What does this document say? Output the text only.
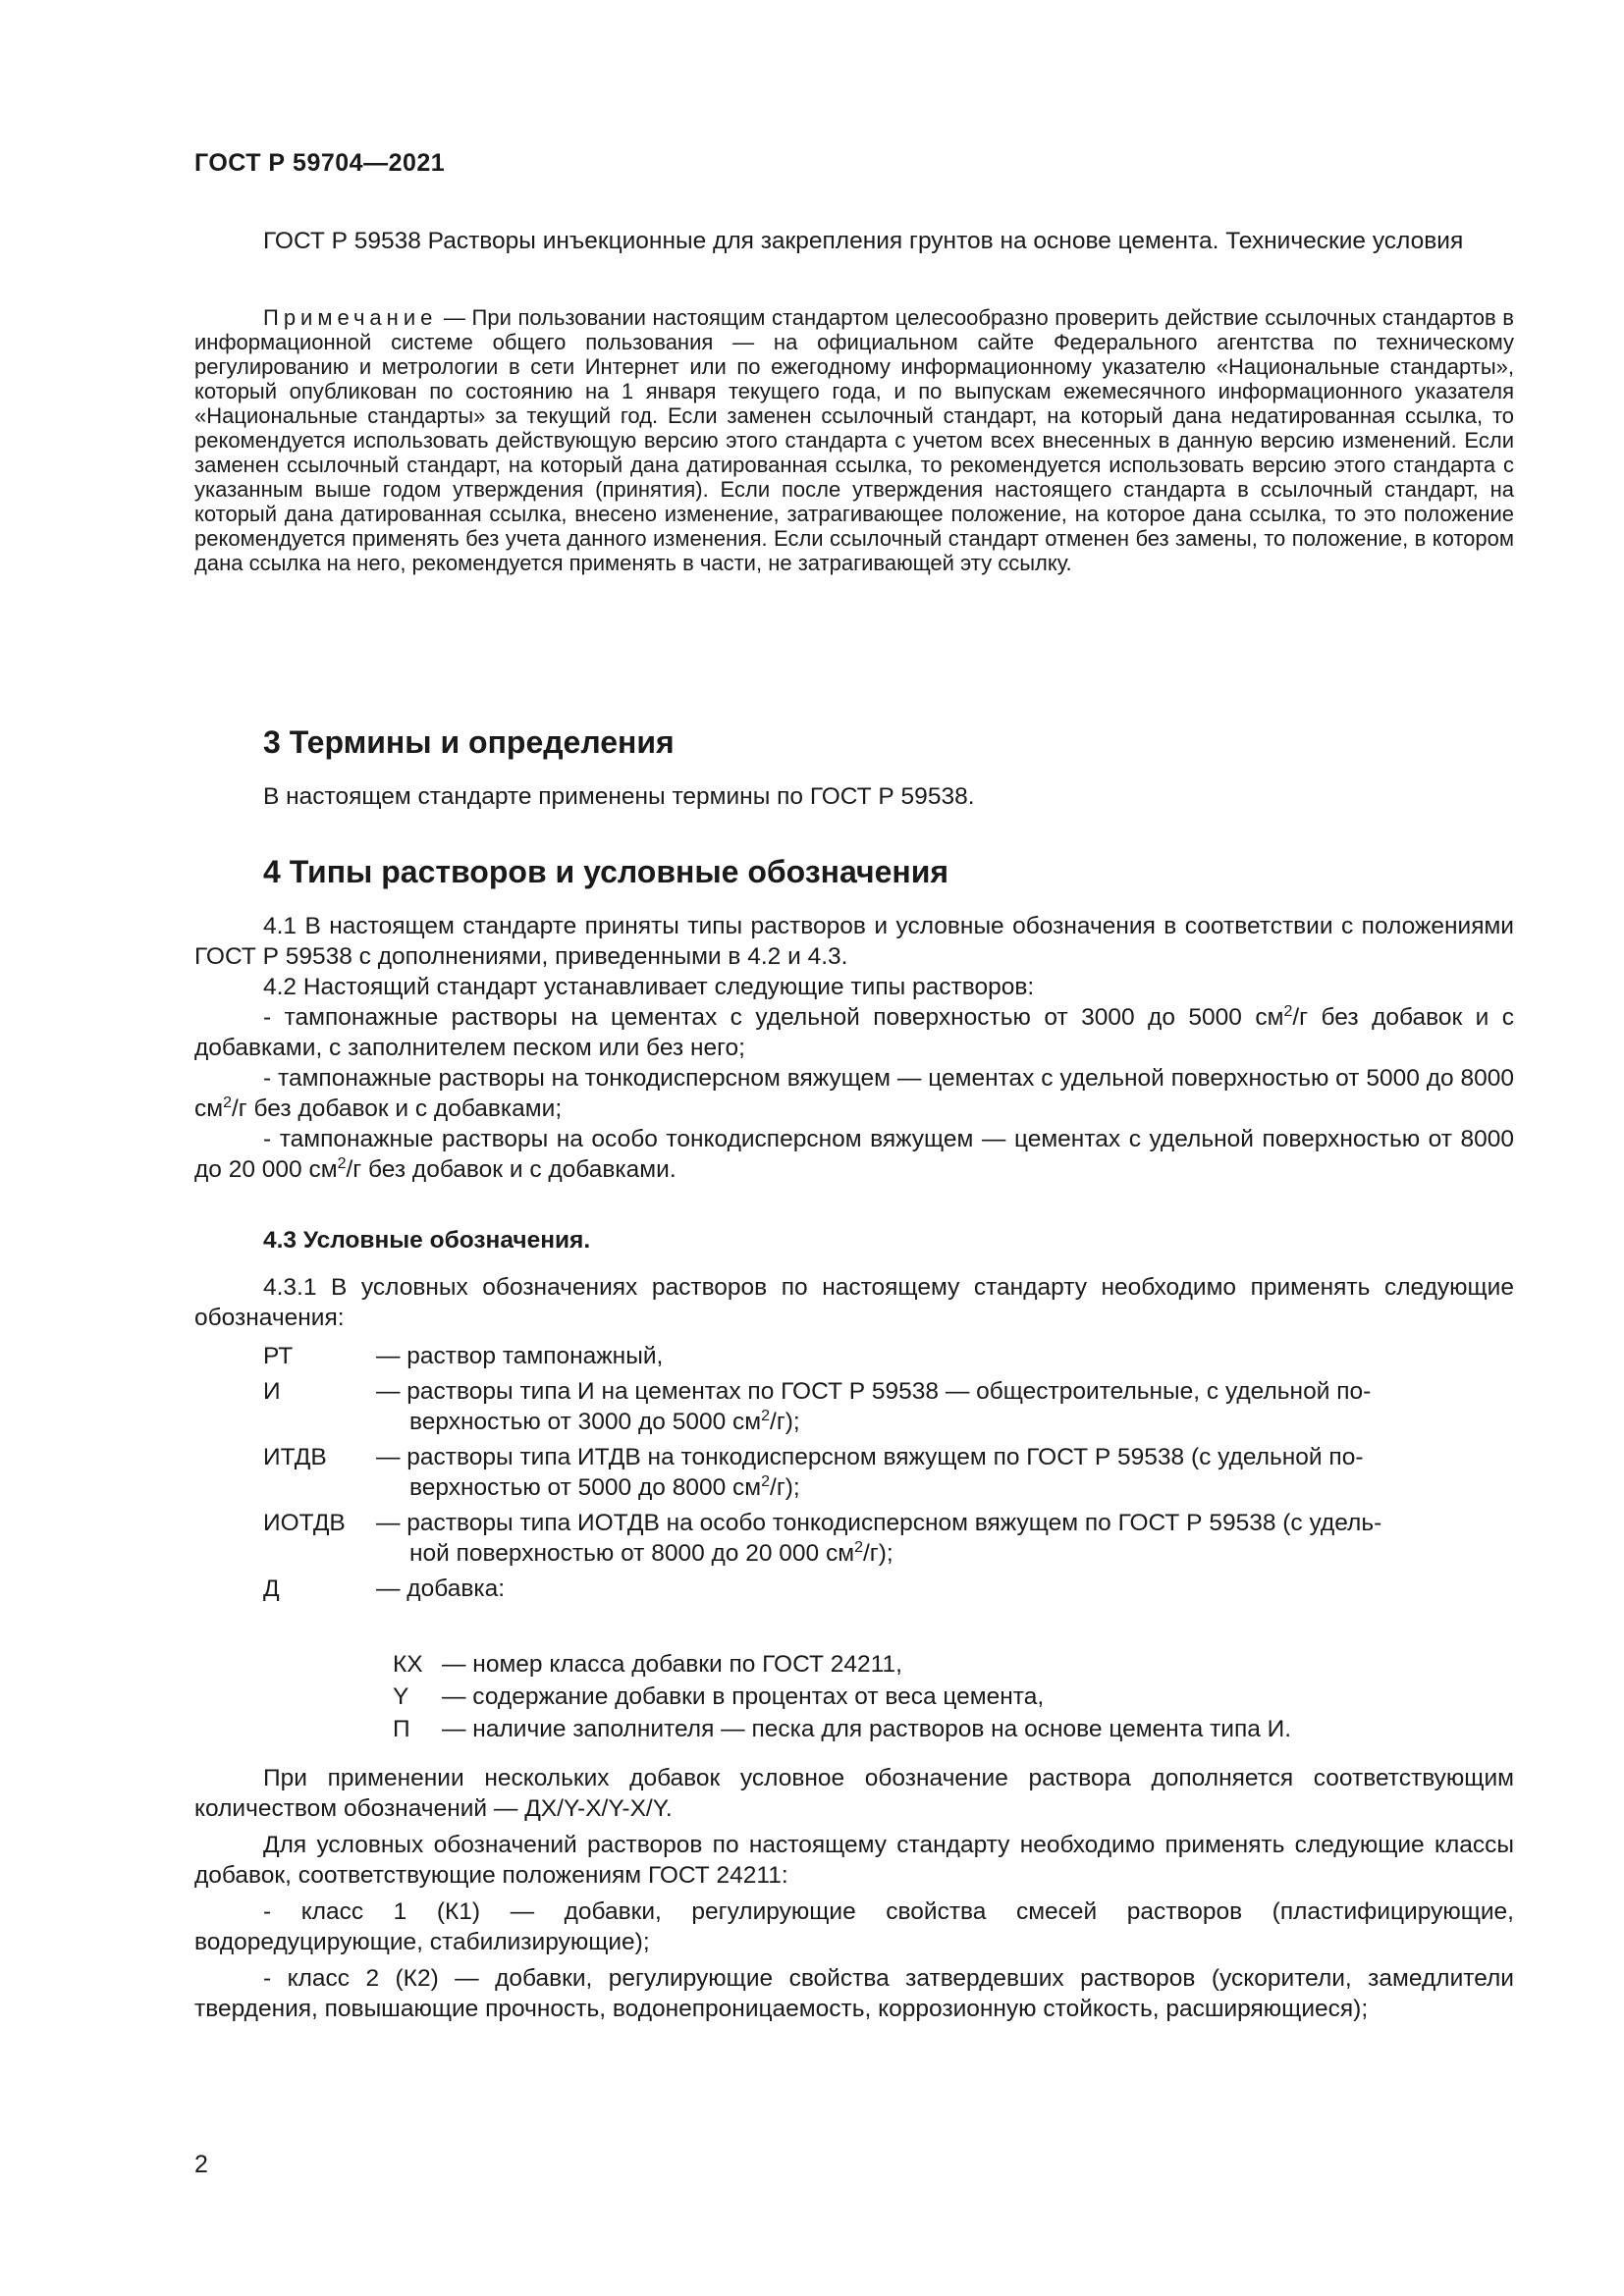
ГОСТ Р 59704—2021

ГОСТ Р 59538 Растворы инъекционные для закрепления грунтов на основе цемента. Технические условия

Примечание — При пользовании настоящим стандартом целесообразно проверить действие ссылочных стандартов в информационной системе общего пользования — на официальном сайте Федерального агентства по техническому регулированию и метрологии в сети Интернет или по ежегодному информационному указателю «Национальные стандарты», который опубликован по состоянию на 1 января текущего года, и по выпускам ежемесячного информационного указателя «Национальные стандарты» за текущий год. Если заменен ссылочный стандарт, на который дана недатированная ссылка, то рекомендуется использовать действующую версию этого стандарта с учетом всех внесенных в данную версию изменений. Если заменен ссылочный стандарт, на который дана датированная ссылка, то рекомендуется использовать версию этого стандарта с указанным выше годом утверждения (принятия). Если после утверждения настоящего стандарта в ссылочный стандарт, на который дана датированная ссылка, внесено изменение, затрагивающее положение, на которое дана ссылка, то это положение рекомендуется применять без учета данного изменения. Если ссылочный стандарт отменен без замены, то положение, в котором дана ссылка на него, рекомендуется применять в части, не затрагивающей эту ссылку.

3 Термины и определения

В настоящем стандарте применены термины по ГОСТ Р 59538.

4 Типы растворов и условные обозначения

4.1 В настоящем стандарте приняты типы растворов и условные обозначения в соответствии с положениями ГОСТ Р 59538 с дополнениями, приведенными в 4.2 и 4.3.

4.2 Настоящий стандарт устанавливает следующие типы растворов:

- тампонажные растворы на цементах с удельной поверхностью от 3000 до 5000 $см^2/г$ без добавок и с добавками, с заполнителем песком или без него;

- тампонажные растворы на тонкодисперсном вяжущем — цементах с удельной поверхностью от 5000 до 8000 $см^2/г$ без добавок и с добавками;

- тампонажные растворы на особо тонкодисперсном вяжущем — цементах с удельной поверхностью от 8000 до 20 000 $см^2/г$ без добавок и с добавками.

4.3 Условные обозначения.

4.3.1 В условных обозначениях растворов по настоящему стандарту необходимо применять следующие обозначения:

РТ	— раствор тампонажный,
И	— растворы типа И на цементах по ГОСТ Р 59538 — общестроительные, с удельной по-
верхностью от 3000 до 5000 $см^2/г$);
ИТДВ	— растворы типа ИТДВ на тонкодисперсном вяжущем по ГОСТ Р 59538 (с удельной по-
верхностью от 5000 до 8000 $см^2/г$);
ИОТДВ	— растворы типа ИОТДВ на особо тонкодисперсном вяжущем по ГОСТ Р 59538 (с удель-
ной поверхностью от 8000 до 20 000 $см^2/г$);
Д	— добавка:
КХ — номер класса добавки по ГОСТ 24211,
Y	— содержание добавки в процентах от веса цемента,
П	— наличие заполнителя — песка для растворов на основе цемента типа И.

При применении нескольких добавок условное обозначение раствора дополняется соответствующим количеством обозначений — ДХ/Y-X/Y-X/Y.

Для условных обозначений растворов по настоящему стандарту необходимо применять следующие классы добавок, соответствующие положениям ГОСТ 24211:

- класс 1 (К1) — добавки, регулирующие свойства смесей растворов (пластифицирующие, водоредуцирующие, стабилизирующие);

- класс 2 (К2) — добавки, регулирующие свойства затвердевших растворов (ускорители, замедлители твердения, повышающие прочность, водонепроницаемость, коррозионную стойкость, расширяющиеся);

2
